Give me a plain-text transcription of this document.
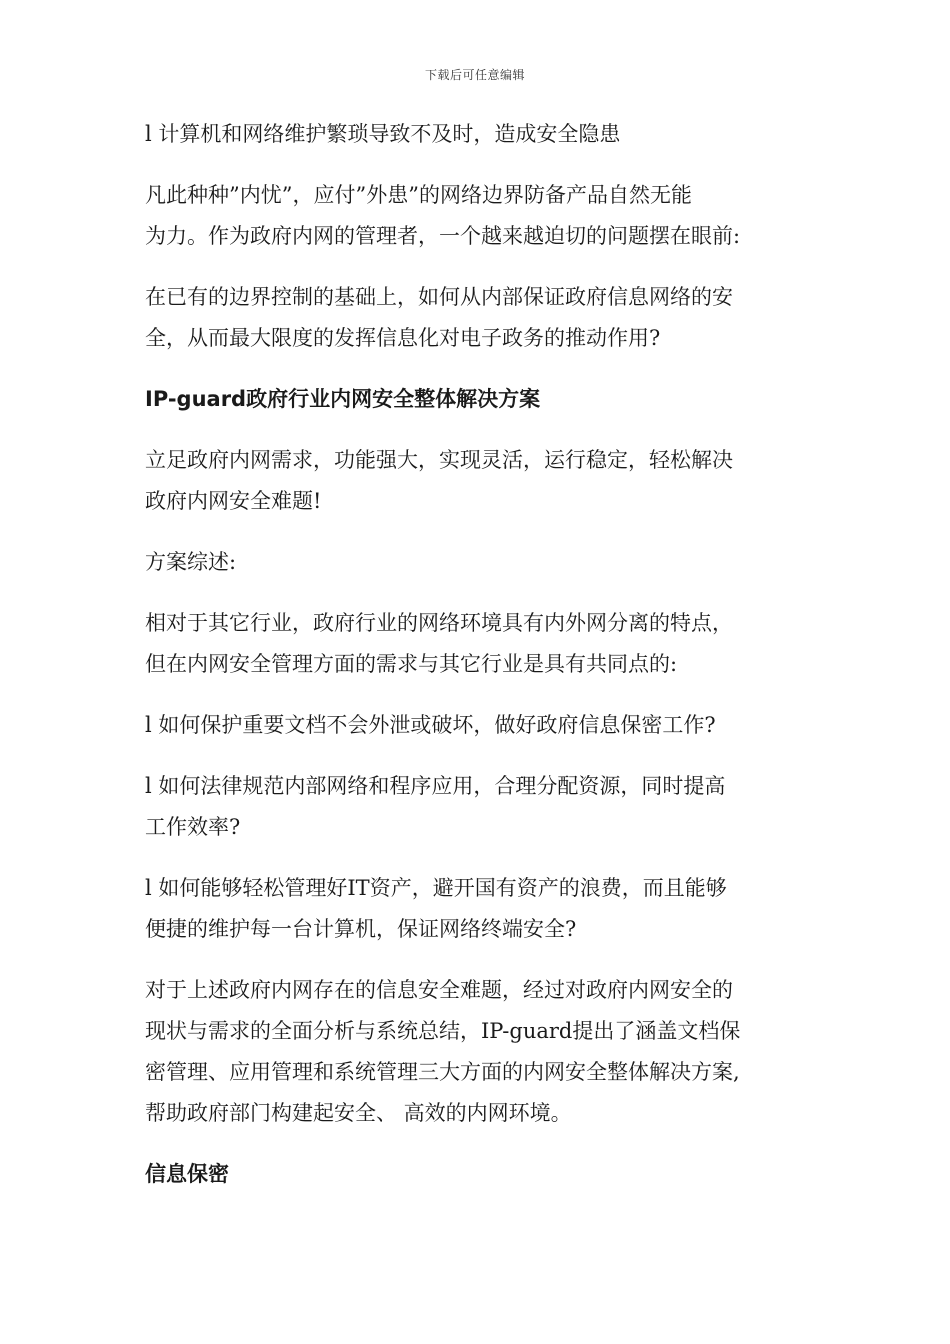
下载后可任意编辑

l 计算机和网络维护繁琐导致不及时，造成安全隐患

凡此种种”内忧”，应付”外患”的网络边界防备产品自然无能
为力。作为政府内网的管理者，一个越来越迫切的问题摆在眼前:

在已有的边界控制的基础上，如何从内部保证政府信息网络的安
全，从而最大限度的发挥信息化对电子政务的推动作用?

IP-guard政府行业内网安全整体解决方案

立足政府内网需求，功能强大，实现灵活，运行稳定，轻松解决
政府内网安全难题!

方案综述:

相对于其它行业，政府行业的网络环境具有内外网分离的特点，
但在内网安全管理方面的需求与其它行业是具有共同点的:

l 如何保护重要文档不会外泄或破坏，做好政府信息保密工作?

l 如何法律规范内部网络和程序应用，合理分配资源，同时提高
工作效率?

l 如何能够轻松管理好IT资产，避开国有资产的浪费，而且能够
便捷的维护每一台计算机，保证网络终端安全?

对于上述政府内网存在的信息安全难题，经过对政府内网安全的
现状与需求的全面分析与系统总结，IP-guard提出了涵盖文档保
密管理、应用管理和系统管理三大方面的内网安全整体解决方案,
帮助政府部门构建起安全、 高效的内网环境。

信息保密
